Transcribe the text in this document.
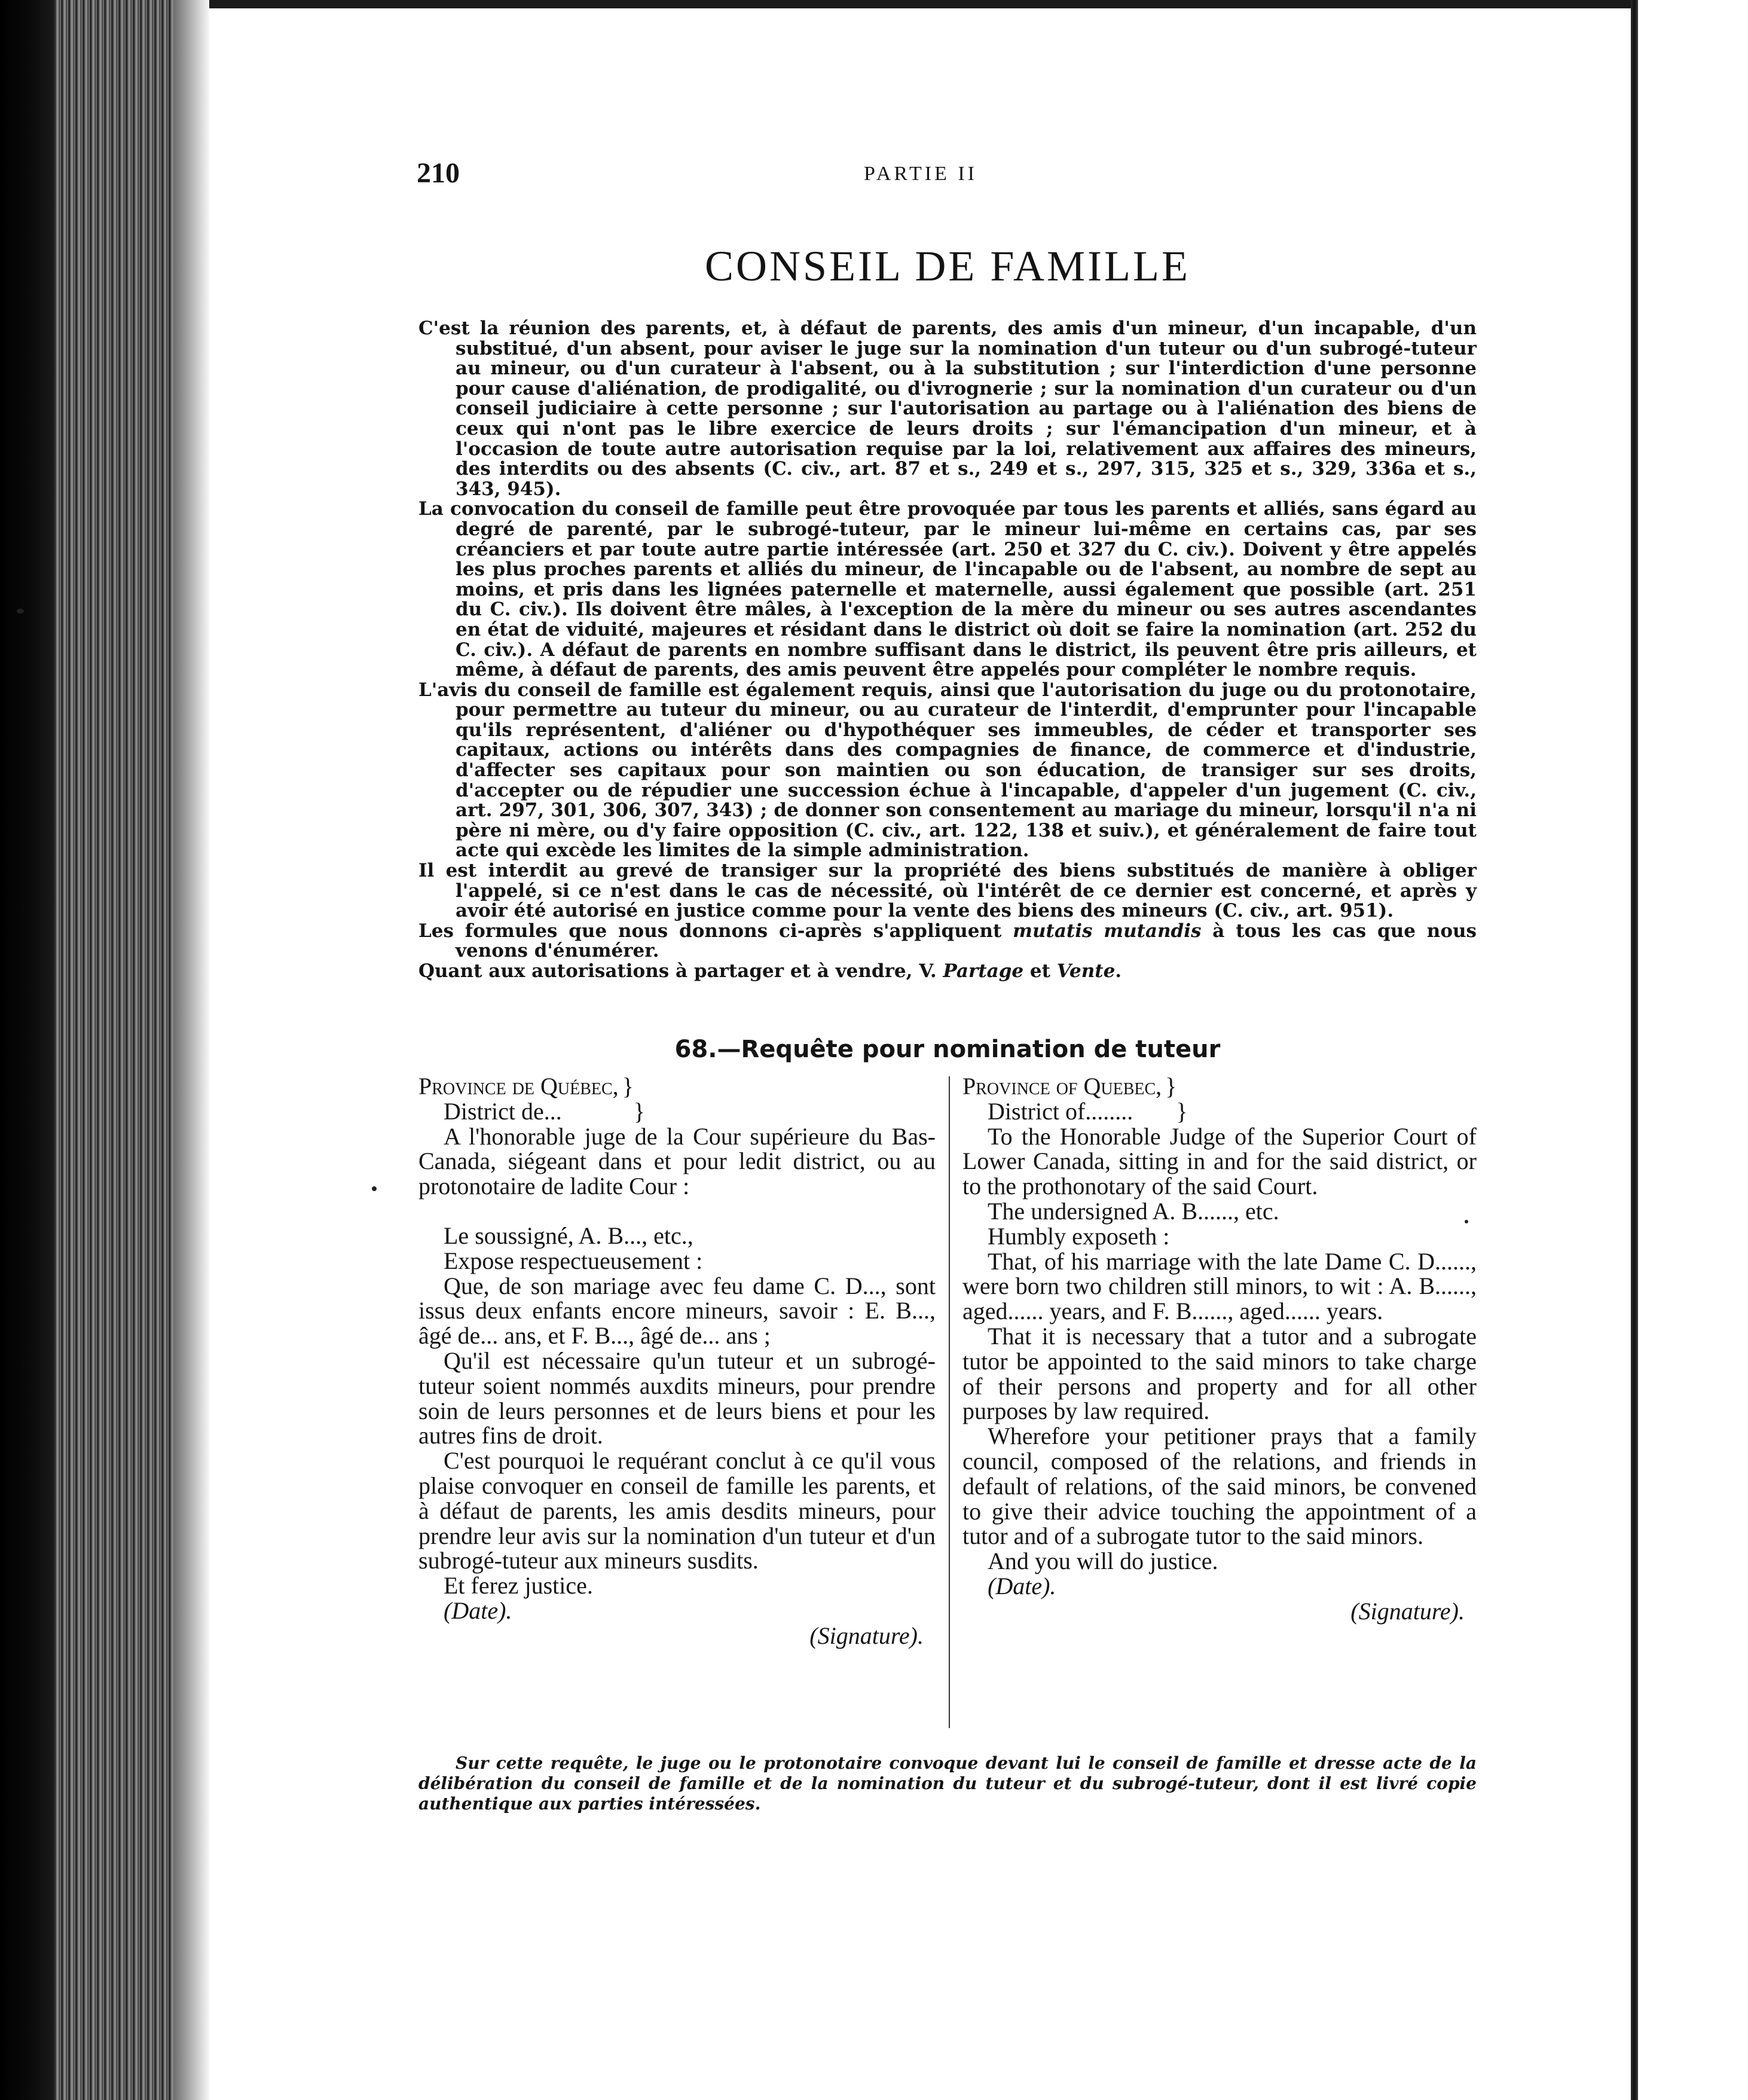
210	PARTIE II
CONSEIL DE FAMILLE

C'est la réunion des parents, et, à défaut de parents, des amis d'un mineur, d'un incapable, d'un substitué, d'un absent, pour aviser le juge sur la nomination d'un tuteur ou d'un subrogé-tuteur au mineur, ou d'un curateur à l'absent, ou à la substitution ; sur l'interdiction d'une personne pour cause d'aliénation, de prodigalité, ou d'ivrognerie ; sur la nomination d'un curateur ou d'un conseil judiciaire à cette personne ; sur l'autorisation au partage ou à l'aliénation des biens de ceux qui n'ont pas le libre exercice de leurs droits ; sur l'émancipation d'un mineur, et à l'occasion de toute autre autorisation requise par la loi, relativement aux affaires des mineurs, des interdits ou des absents (C. civ., art. 87 et s., 249 et s., 297, 315, 325 et s., 329, 336a et s., 343, 945).

La convocation du conseil de famille peut être provoquée par tous les parents et alliés, sans égard au degré de parenté, par le subrogé-tuteur, par le mineur lui-même en certains cas, par ses créanciers et par toute autre partie intéressée (art. 250 et 327 du C. civ.). Doivent y être appelés les plus proches parents et alliés du mineur, de l'incapable ou de l'absent, au nombre de sept au moins, et pris dans les lignées paternelle et maternelle, aussi également que possible (art. 251 du C. civ.). Ils doivent être mâles, à l'exception de la mère du mineur ou ses autres ascendantes en état de viduité, majeures et résidant dans le district où doit se faire la nomination (art. 252 du C. civ.). A défaut de parents en nombre suffisant dans le district, ils peuvent être pris ailleurs, et même, à défaut de parents, des amis peuvent être appelés pour compléter le nombre requis.

L'avis du conseil de famille est également requis, ainsi que l'autorisation du juge ou du protonotaire, pour permettre au tuteur du mineur, ou au curateur de l'interdit, d'emprunter pour l'incapable qu'ils représentent, d'aliéner ou d'hypothéquer ses immeubles, de céder et transporter ses capitaux, actions ou intérêts dans des compagnies de finance, de commerce et d'industrie, d'affecter ses capitaux pour son maintien ou son éducation, de transiger sur ses droits, d'accepter ou de répudier une succession échue à l'incapable, d'appeler d'un jugement (C. civ., art. 297, 301, 306, 307, 343) ; de donner son consentement au mariage du mineur, lorsqu'il n'a ni père ni mère, ou d'y faire opposition (C. civ., art. 122, 138 et suiv.), et généralement de faire tout acte qui excède les limites de la simple administration.

Il est interdit au grevé de transiger sur la propriété des biens substitués de manière à obliger l'appelé, si ce n'est dans le cas de nécessité, où l'intérêt de ce dernier est concerné, et après y avoir été autorisé en justice comme pour la vente des biens des mineurs (C. civ., art. 951).

Les formules que nous donnons ci-après s'appliquent mutatis mutandis à tous les cas que nous venons d'énumérer.

Quant aux autorisations à partager et à vendre, V. Partage et Vente.

68.—Requête pour nomination de tuteur

Province de Québec, }

District de...	}

A l'honorable juge de la Cour supérieure du Bas-Canada, siégeant dans et pour ledit district, ou au protonotaire de ladite Cour :

Le soussigné, A. B..., etc.,

Expose respectueusement :

Que, de son mariage avec feu dame C. D..., sont issus deux enfants encore mineurs, savoir : E. B..., âgé de... ans, et F. B..., âgé de... ans ;

Qu'il est nécessaire qu'un tuteur et un subrogé-tuteur soient nommés auxdits mineurs, pour prendre soin de leurs personnes et de leurs biens et pour les autres fins de droit.

C'est pourquoi le requérant conclut à ce qu'il vous plaise convoquer en conseil de famille les parents, et à défaut de parents, les amis desdits mineurs, pour prendre leur avis sur la nomination d'un tuteur et d'un subrogé-tuteur aux mineurs susdits.

Et ferez justice.

(Date).

(Signature).

Province of Quebec, }

District of........ }

To the Honorable Judge of the Superior Court of Lower Canada, sitting in and for the said district, or to the prothonotary of the said Court.

The undersigned A. B......, etc.

Humbly exposeth :

That, of his marriage with the late Dame C. D......, were born two children still minors, to wit : A. B......, aged...... years, and F. B......, aged...... years.

That it is necessary that a tutor and a subrogate tutor be appointed to the said minors to take charge of their persons and property and for all other purposes by law required.

Wherefore your petitioner prays that a family council, composed of the relations, and friends in default of relations, of the said minors, be convened to give their advice touching the appointment of a tutor and of a subrogate tutor to the said minors.

And you will do justice.

(Date).

(Signature).

Sur cette requête, le juge ou le protonotaire convoque devant lui le conseil de famille et dresse acte de la délibération du conseil de famille et de la nomination du tuteur et du subrogé-tuteur, dont il est livré copie authentique aux parties intéressées.
